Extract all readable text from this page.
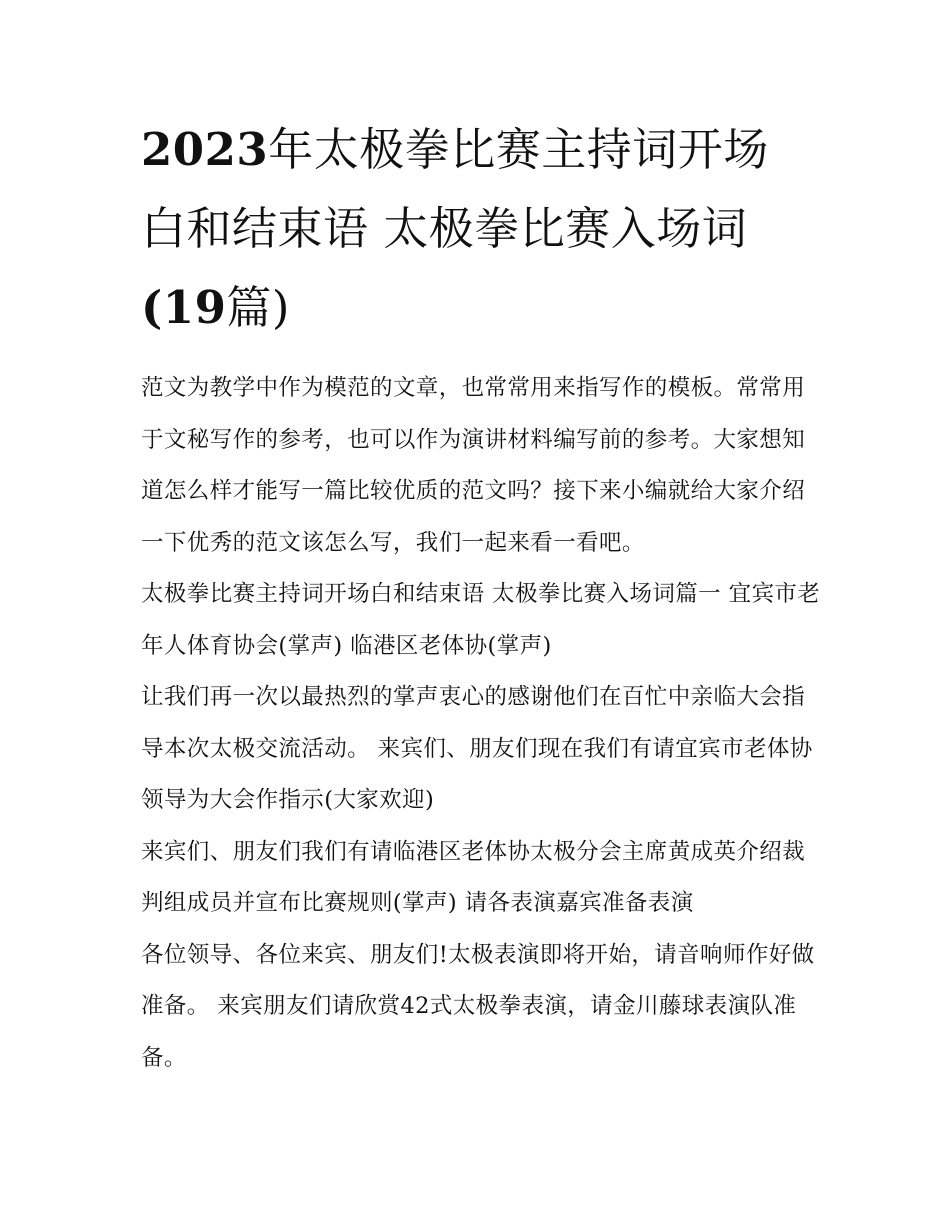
2023年太极拳比赛主持词开场
白和结束语 太极拳比赛入场词
(19篇)

范文为教学中作为模范的文章，也常常用来指写作的模板。常常用于文秘写作的参考，也可以作为演讲材料编写前的参考。大家想知道怎么样才能写一篇比较优质的范文吗？接下来小编就给大家介绍一下优秀的范文该怎么写，我们一起来看一看吧。

太极拳比赛主持词开场白和结束语 太极拳比赛入场词篇一 宜宾市老年人体育协会(掌声) 临港区老体协(掌声)

让我们再一次以最热烈的掌声衷心的感谢他们在百忙中亲临大会指导本次太极交流活动。 来宾们、朋友们现在我们有请宜宾市老体协领导为大会作指示(大家欢迎)

来宾们、朋友们我们有请临港区老体协太极分会主席黄成英介绍裁判组成员并宣布比赛规则(掌声) 请各表演嘉宾准备表演

各位领导、各位来宾、朋友们!太极表演即将开始，请音响师作好做准备。 来宾朋友们请欣赏42式太极拳表演，请金川藤球表演队准备。
